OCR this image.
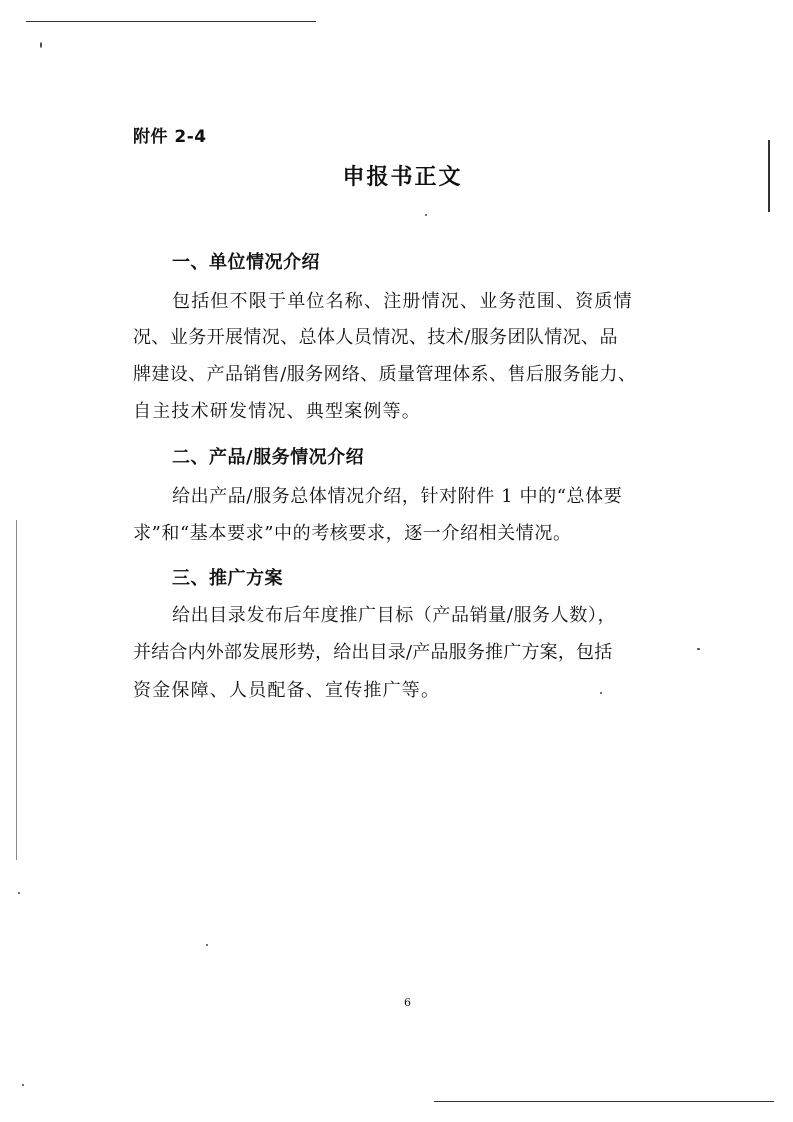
附件 2-4
申报书正文
一、单位情况介绍
包括但不限于单位名称、注册情况、业务范围、资质情
况、业务开展情况、总体人员情况、技术/服务团队情况、品
牌建设、产品销售/服务网络、质量管理体系、售后服务能力、
自主技术研发情况、典型案例等。
二、产品/服务情况介绍
给出产品/服务总体情况介绍，针对附件 1 中的“总体要
求”和“基本要求”中的考核要求，逐一介绍相关情况。
三、推广方案
给出目录发布后年度推广目标（产品销量/服务人数），
并结合内外部发展形势，给出目录/产品服务推广方案，包括
资金保障、人员配备、宣传推广等。
6
